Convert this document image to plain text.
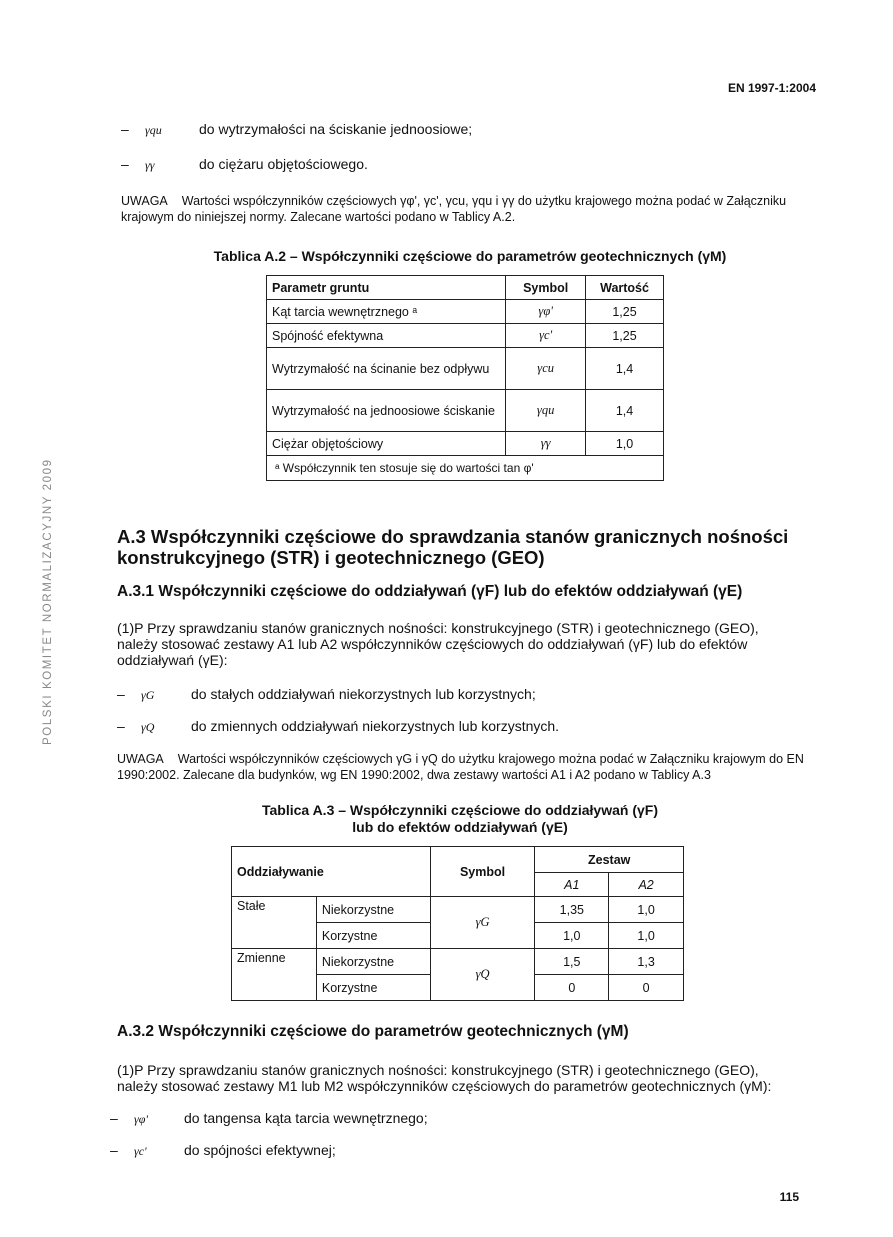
EN 1997-1:2004
POLSKI KOMITET NORMALIZACYJNY 2009
–	γqu	do wytrzymałości na ściskanie jednoosiowe;
–	γγ	do ciężaru objętościowego.
UWAGA Wartości współczynników częściowych γφ', γc', γcu, γqu i γγ do użytku krajowego można podać w Załączniku krajowym do niniejszej normy. Zalecane wartości podano w Tablicy A.2.
Tablica A.2 – Współczynniki częściowe do parametrów geotechnicznych (γM)
Parametr gruntu	Symbol	Wartość
Kąt tarcia wewnętrznego ᵃ	γφ'	1,25
Spójność efektywna	γc'	1,25
Wytrzymałość na ścinanie bez odpływu	γcu	1,4
Wytrzymałość na jednoosiowe ściskanie	γqu	1,4
Ciężar objętościowy	γγ	1,0
ᵃ Współczynnik ten stosuje się do wartości tan φ'		
A.3 Współczynniki częściowe do sprawdzania stanów granicznych nośności konstrukcyjnego (STR) i geotechnicznego (GEO)
A.3.1 Współczynniki częściowe do oddziaływań (γF) lub do efektów oddziaływań (γE)
(1)P Przy sprawdzaniu stanów granicznych nośności: konstrukcyjnego (STR) i geotechnicznego (GEO), należy stosować zestawy A1 lub A2 współczynników częściowych do oddziaływań (γF) lub do efektów oddziaływań (γE):
–	γG	do stałych oddziaływań niekorzystnych lub korzystnych;
–	γQ	do zmiennych oddziaływań niekorzystnych lub korzystnych.
UWAGA Wartości współczynników częściowych γG i γQ do użytku krajowego można podać w Załączniku krajowym do EN 1990:2002. Zalecane dla budynków, wg EN 1990:2002, dwa zestawy wartości A1 i A2 podano w Tablicy A.3
Tablica A.3 – Współczynniki częściowe do oddziaływań (γF)
lub do efektów oddziaływań (γE)
Oddziaływanie		Symbol	Zestaw	
			A1	A2
Stałe	Niekorzystne	γG	1,35	1,0
	Korzystne		1,0	1,0
Zmienne	Niekorzystne	γQ	1,5	1,3
	Korzystne		0	0
A.3.2 Współczynniki częściowe do parametrów geotechnicznych (γM)
(1)P Przy sprawdzaniu stanów granicznych nośności: konstrukcyjnego (STR) i geotechnicznego (GEO), należy stosować zestawy M1 lub M2 współczynników częściowych do parametrów geotechnicznych (γM):
–	γφ'	do tangensa kąta tarcia wewnętrznego;
–	γc'	do spójności efektywnej;
115
